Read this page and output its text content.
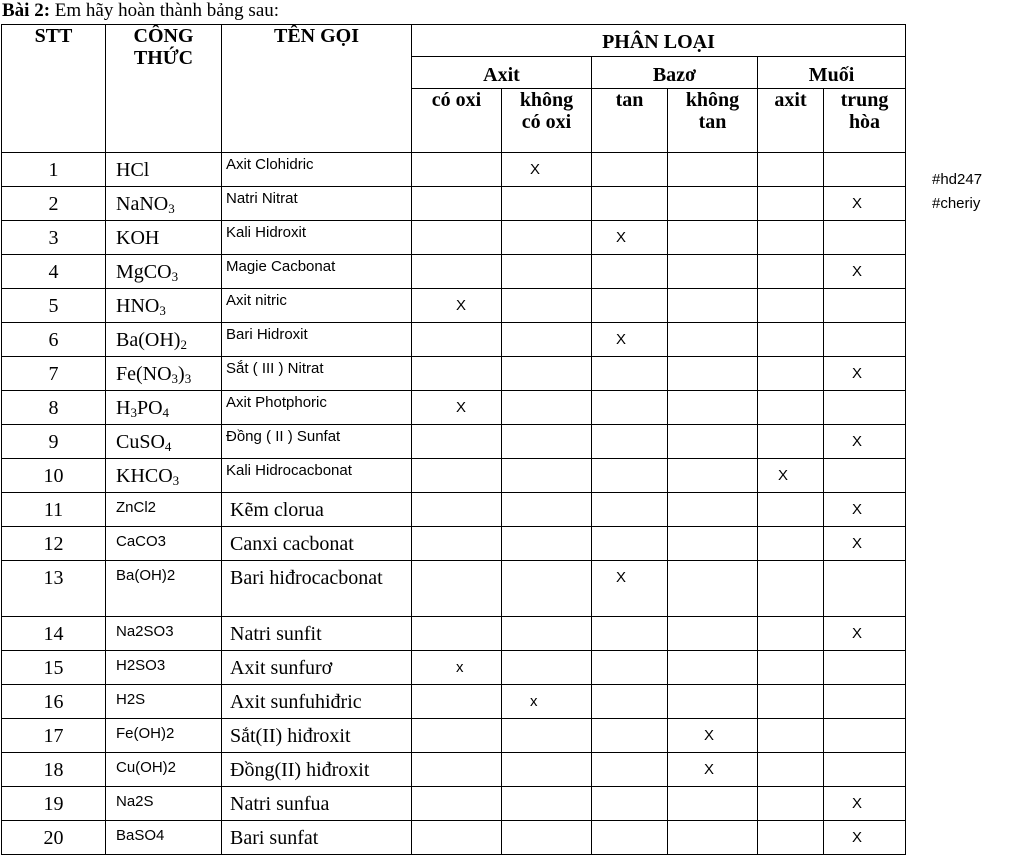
Bài 2: Em hãy hoàn thành bảng sau:
STT	CÔNG THỨC	TÊN GỌI	PHÂN LOẠI					
			Axit		Bazơ		Muối	
			có oxi	không có oxi	tan	không tan	axit	trung hòa
1	HCl	Axit Clohidric		X				
2	NaNO$_3$	Natri Nitrat						X
3	KOH	Kali Hidroxit			X			
4	MgCO$_3$	Magie Cacbonat						X
5	$HNO_3$	Axit nitric	X					
6	$Ba(OH)_2$	Bari Hidroxit			X			
7	$Fe(NO_3)_3$	Sắt ( III ) Nitrat						X
8	$H_3PO_4$	Axit Photphoric	X					
9	CuSO$_4$	Đồng ( II ) Sunfat						X
10	$KHCO_3$	Kali Hidrocacbonat					X	
11	ZnCl2	Kẽm clorua						X
12	CaCO3	Canxi cacbonat						X
13	Ba(OH)2	Bari hiđrocacbonat			X			
14	Na2SO3	Natri sunfit						X
15	H2SO3	Axit sunfurơ	x					
16	H2S	Axit sunfuhiđric		x				
17	Fe(OH)2	Sắt(II) hiđroxit				X		
18	Cu(OH)2	Đồng(II) hiđroxit				X		
19	Na2S	Natri sunfua						X
20	BaSO4	Bari sunfat						X
#hd247
#cheriy
